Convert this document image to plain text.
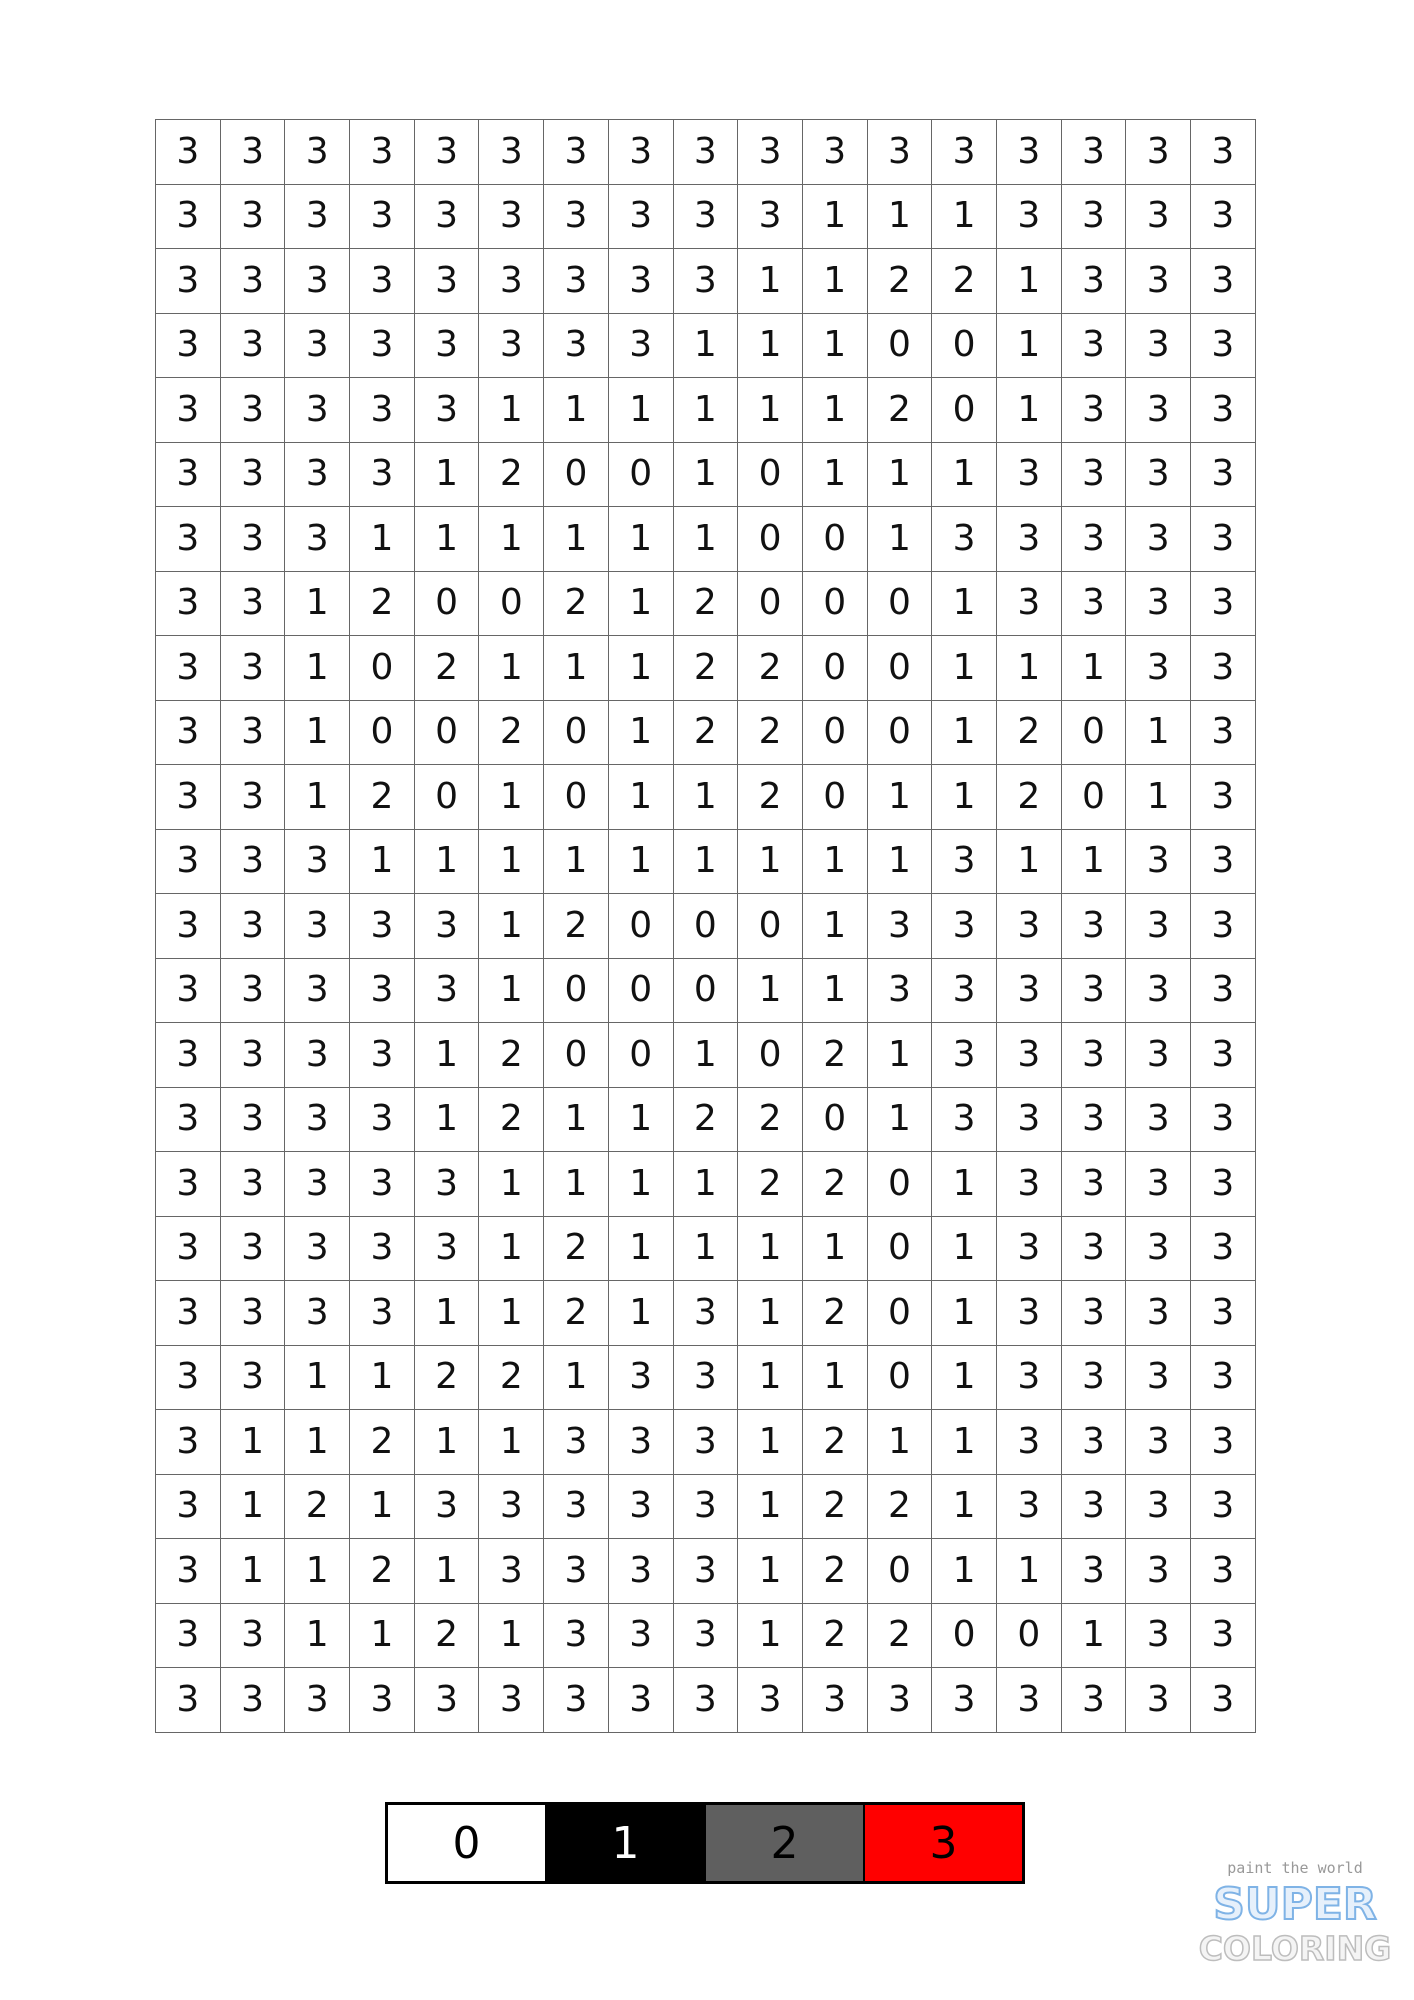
3	3	3	3	3	3	3	3	3	3	3	3	3	3	3	3	3
3	3	3	3	3	3	3	3	3	3	1	1	1	3	3	3	3
3	3	3	3	3	3	3	3	3	1	1	2	2	1	3	3	3
3	3	3	3	3	3	3	3	1	1	1	0	0	1	3	3	3
3	3	3	3	3	1	1	1	1	1	1	2	0	1	3	3	3
3	3	3	3	1	2	0	0	1	0	1	1	1	3	3	3	3
3	3	3	1	1	1	1	1	1	0	0	1	3	3	3	3	3
3	3	1	2	0	0	2	1	2	0	0	0	1	3	3	3	3
3	3	1	0	2	1	1	1	2	2	0	0	1	1	1	3	3
3	3	1	0	0	2	0	1	2	2	0	0	1	2	0	1	3
3	3	1	2	0	1	0	1	1	2	0	1	1	2	0	1	3
3	3	3	1	1	1	1	1	1	1	1	1	3	1	1	3	3
3	3	3	3	3	1	2	0	0	0	1	3	3	3	3	3	3
3	3	3	3	3	1	0	0	0	1	1	3	3	3	3	3	3
3	3	3	3	1	2	0	0	1	0	2	1	3	3	3	3	3
3	3	3	3	1	2	1	1	2	2	0	1	3	3	3	3	3
3	3	3	3	3	1	1	1	1	2	2	0	1	3	3	3	3
3	3	3	3	3	1	2	1	1	1	1	0	1	3	3	3	3
3	3	3	3	1	1	2	1	3	1	2	0	1	3	3	3	3
3	3	1	1	2	2	1	3	3	1	1	0	1	3	3	3	3
3	1	1	2	1	1	3	3	3	1	2	1	1	3	3	3	3
3	1	2	1	3	3	3	3	3	1	2	2	1	3	3	3	3
3	1	1	2	1	3	3	3	3	1	2	0	1	1	3	3	3
3	3	1	1	2	1	3	3	3	1	2	2	0	0	1	3	3
3	3	3	3	3	3	3	3	3	3	3	3	3	3	3	3	3
0	1	2	3	paint the world
SUPER
COLORING
